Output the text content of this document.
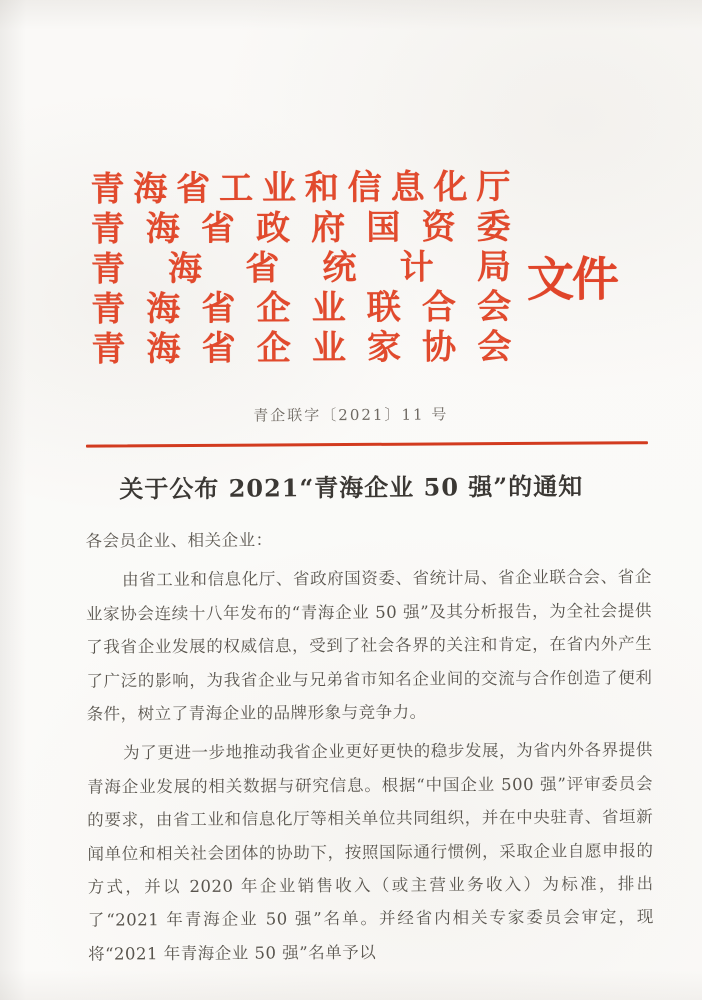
青海省工业和信息化厅
青海省政府国资委
青海省统计局
青海省企业联合会
青海省企业家协会
文件
青企联字〔2021〕11 号
关于公布 2021“青海企业 50 强”的通知

各会员企业、相关企业：

由省工业和信息化厅、省政府国资委、省统计局、省企业联合会、省企业家协会连续十八年发布的“青海企业 50 强”及其分析报告，为全社会提供了我省企业发展的权威信息，受到了社会各界的关注和肯定，在省内外产生了广泛的影响，为我省企业与兄弟省市知名企业间的交流与合作创造了便利条件，树立了青海企业的品牌形象与竞争力。

为了更进一步地推动我省企业更好更快的稳步发展，为省内外各界提供青海企业发展的相关数据与研究信息。根据“中国企业 500 强”评审委员会的要求，由省工业和信息化厅等相关单位共同组织，并在中央驻青、省垣新闻单位和相关社会团体的协助下，按照国际通行惯例，采取企业自愿申报的方式，并以 2020 年企业销售收入（或主营业务收入）为标准，排出了“2021 年青海企业 50 强”名单。并经省内相关专家委员会审定，现将“2021 年青海企业 50 强”名单予以
